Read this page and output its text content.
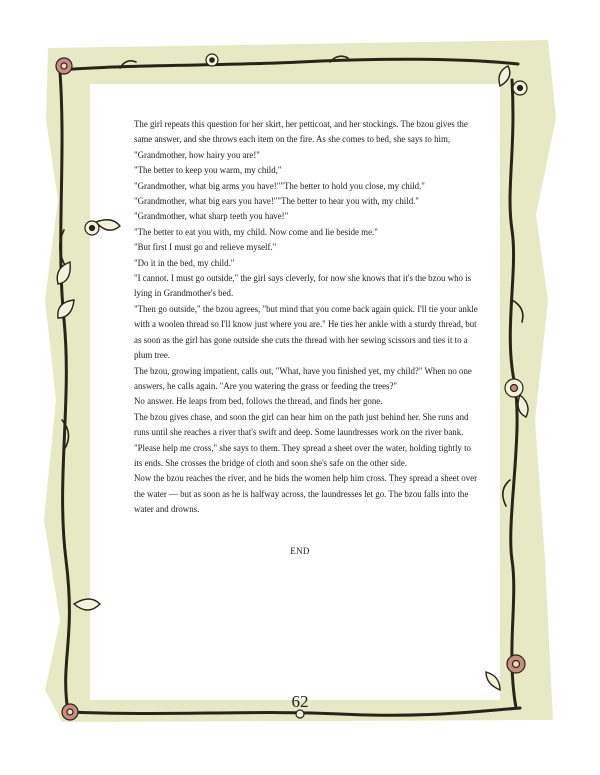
The girl repeats this question for her skirt, her petticoat, and her stockings. The bzou gives the same answer, and she throws each item on the fire. As she comes to bed, she says to him, "Grandmother, how hairy you are!"

"The better to keep you warm, my child,"

"Grandmother, what big arms you have!""The better to hold you close, my child."

"Grandmother, what big ears you have!""The better to hear you with, my child."

"Grandmother, what sharp teeth you have!"

"The better to eat you with, my child. Now come and lie beside me."

"But first I must go and relieve myself."

"Do it in the bed, my child."

"I cannot. I must go outside," the girl says cleverly, for now she knows that it's the bzou who is lying in Grandmother's bed.

"Then go outside," the bzou agrees, "but mind that you come back again quick. I'll tie your ankle with a woolen thread so I'll know just where you are." He ties her ankle with a sturdy thread, but as soon as the girl has gone outside she cuts the thread with her sewing scissors and ties it to a plum tree.

The bzou, growing impatient, calls out, "What, have you finished yet, my child?" When no one answers, he calls again. "Are you watering the grass or feeding the trees?"

No answer. He leaps from bed, follows the thread, and finds her gone.

The bzou gives chase, and soon the girl can hear him on the path just behind her. She runs and runs until she reaches a river that's swift and deep. Some laundresses work on the river bank. "Please help me cross," she says to them. They spread a sheet over the water, holding tightly to its ends. She crosses the bridge of cloth and soon she's safe on the other side.

Now the bzou reaches the river, and he bids the women help him cross. They spread a sheet over the water — but as soon as he is halfway across, the laundresses let go. The bzou falls into the water and drowns.

END
62
